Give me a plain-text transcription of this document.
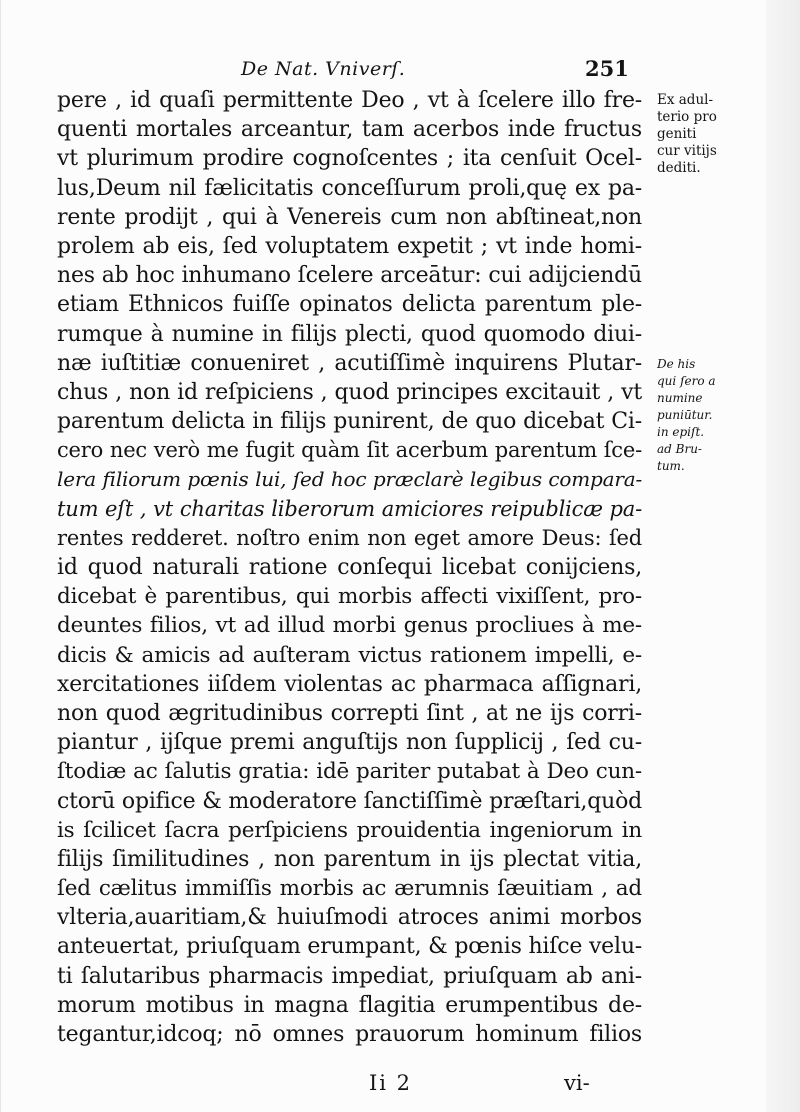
De Nat. Vniverſ.	251
pere , id quaſi permittente Deo , vt à ſcelere illo fre-
quenti mortales arceantur, tam acerbos inde fructus
vt plurimum prodire cognoſcentes ; ita cenſuit Ocel-
lus,Deum nil fælicitatis conceſſurum proli,quę ex pa-
rente prodijt , qui à Venereis cum non abſtineat,non
prolem ab eis, ſed voluptatem expetit ; vt inde homi-
nes ab hoc inhumano ſcelere arceātur: cui adijciendū
etiam Ethnicos fuiſſe opinatos delicta parentum ple-
rumque à numine in filijs plecti, quod quomodo diui-
næ iuſtitiæ conueniret , acutiſſimè inquirens Plutar-
chus , non id reſpiciens , quod principes excitauit , vt
parentum delicta in filijs punirent, de quo dicebat Ci-
cero nec verò me fugit quàm ſit acerbum parentum ſce-
lera filiorum pœnis lui, ſed hoc præclarè legibus compara-
tum eſt , vt charitas liberorum amiciores reipublicæ pa-
rentes redderet. noſtro enim non eget amore Deus: ſed
id quod naturali ratione conſequi licebat conijciens,
dicebat è parentibus, qui morbis affecti vixiſſent, pro-
deuntes filios, vt ad illud morbi genus procliues à me-
dicis & amicis ad auſteram victus rationem impelli, e-
xercitationes iiſdem violentas ac pharmaca aſſignari,
non quod ægritudinibus correpti ſint , at ne ijs corri-
piantur , ijſque premi anguſtijs non ſupplicij , ſed cu-
ſtodiæ ac ſalutis gratia: idē pariter putabat à Deo cun-
ctorū opifice & moderatore ſanctiſſimè præſtari,quòd
is ſcilicet ſacra perſpiciens prouidentia ingeniorum in
filijs ſimilitudines , non parentum in ijs plectat vitia,
ſed cælitus immiſſis morbis ac ærumnis ſæuitiam , ad
vlteria,auaritiam,& huiuſmodi atroces animi morbos
anteuertat, priuſquam erumpant, & pœnis hiſce velu-
ti ſalutaribus pharmacis impediat, priuſquam ab ani-
morum motibus in magna flagitia erumpentibus de-
tegantur,idcoq; nō omnes prauorum hominum filios
Ex adul-
terio pro
geniti
cur vitijs
dediti.
De his
qui ſero a
numine
puniūtur.
in epiſt.
ad Bru-
tum.
Ii 2	vi-
